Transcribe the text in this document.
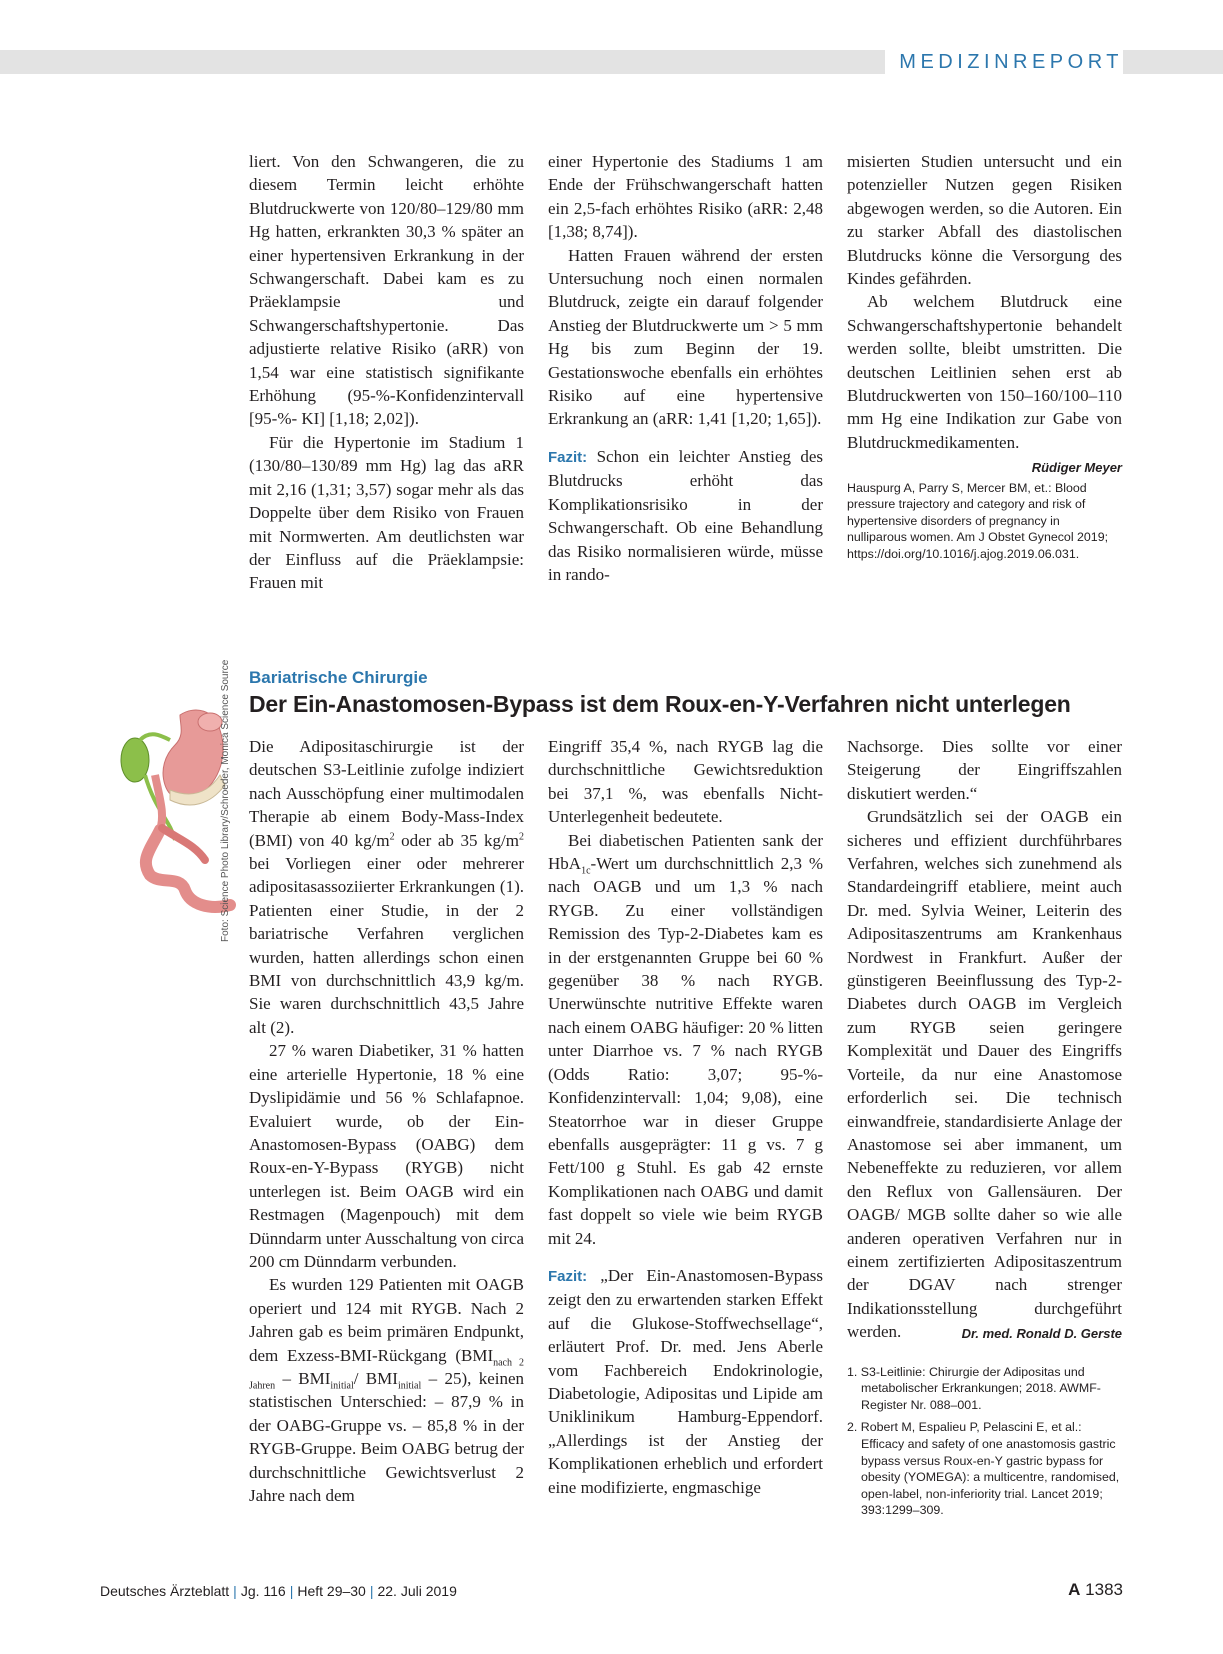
MEDIZINREPORT

liert. Von den Schwangeren, die zu diesem Termin leicht erhöhte Blutdruckwerte von 120/80–129/80 mm Hg hatten, erkrankten 30,3 % später an einer hypertensiven Erkrankung in der Schwangerschaft. Dabei kam es zu Präeklampsie und Schwangerschaftshypertonie. Das adjustierte relative Risiko (aRR) von 1,54 war eine statistisch signifikante Erhöhung (95-%-Konfidenzintervall [95-%- KI] [1,18; 2,02]).

Für die Hypertonie im Stadium 1 (130/80–130/89 mm Hg) lag das aRR mit 2,16 (1,31; 3,57) sogar mehr als das Doppelte über dem Risiko von Frauen mit Normwerten. Am deutlichsten war der Einfluss auf die Präeklampsie: Frauen mit

einer Hypertonie des Stadiums 1 am Ende der Frühschwangerschaft hatten ein 2,5-fach erhöhtes Risiko (aRR: 2,48 [1,38; 8,74]).

Hatten Frauen während der ersten Untersuchung noch einen normalen Blutdruck, zeigte ein darauf folgender Anstieg der Blutdruckwerte um > 5 mm Hg bis zum Beginn der 19. Gestationswoche ebenfalls ein erhöhtes Risiko auf eine hypertensive Erkrankung an (aRR: 1,41 [1,20; 1,65]).

Fazit: Schon ein leichter Anstieg des Blutdrucks erhöht das Komplikationsrisiko in der Schwangerschaft. Ob eine Behandlung das Risiko normalisieren würde, müsse in rando-

misierten Studien untersucht und ein potenzieller Nutzen gegen Risiken abgewogen werden, so die Autoren. Ein zu starker Abfall des diastolischen Blutdrucks könne die Versorgung des Kindes gefährden.

Ab welchem Blutdruck eine Schwangerschaftshypertonie behandelt werden sollte, bleibt umstritten. Die deutschen Leitlinien sehen erst ab Blutdruckwerten von 150–160/100–110 mm Hg eine Indikation zur Gabe von Blutdruckmedikamenten.
Rüdiger Meyer

Hauspurg A, Parry S, Mercer BM, et.: Blood pressure trajectory and category and risk of hypertensive disorders of pregnancy in nulliparous women. Am J Obstet Gynecol 2019; https://doi.org/10.1016/j.ajog.2019.06.031.

Bariatrische Chirurgie
Der Ein-Anastomosen-Bypass ist dem Roux-en-Y-Verfahren nicht unterlegen
Foto: Science Photo Library/Schroeder, Monica Science Source Die Adipositaschirurgie ist der deutschen S3-Leitlinie zufolge indiziert nach Ausschöpfung einer multimodalen Therapie ab einem Body-Mass-Index (BMI) von 40 $kg/m^2$ oder ab 35 $kg/m^2$ bei Vorliegen einer oder mehrerer adipositasassoziierter Erkrankungen (1). Patienten einer Studie, in der 2 bariatrische Verfahren verglichen wurden, hatten allerdings schon einen BMI von durchschnittlich 43,9 kg/m. Sie waren durchschnittlich 43,5 Jahre alt (2).

27 % waren Diabetiker, 31 % hatten eine arterielle Hypertonie, 18 % eine Dyslipidämie und 56 % Schlafapnoe. Evaluiert wurde, ob der Ein-Anastomosen-Bypass (OABG) dem Roux-en-Y-Bypass (RYGB) nicht unterlegen ist. Beim OAGB wird ein Restmagen (Magenpouch) mit dem Dünndarm unter Ausschaltung von circa 200 cm Dünndarm verbunden.

Es wurden 129 Patienten mit OAGB operiert und 124 mit RYGB. Nach 2 Jahren gab es beim primären Endpunkt, dem Exzess-BMI-Rückgang ($BMI_{nach 2 Jahren} - BMI_{initial}/$ $BMI_{initial} - 25$), keinen statistischen Unterschied: – 87,9 % in der OABG-Gruppe vs. – 85,8 % in der RYGB-Gruppe. Beim OABG betrug der durchschnittliche Gewichtsverlust 2 Jahre nach dem

Eingriff 35,4 %, nach RYGB lag die durchschnittliche Gewichtsreduktion bei 37,1 %, was ebenfalls Nicht-Unterlegenheit bedeutete.

Bei diabetischen Patienten sank der HbA$_{1c}$-Wert um durchschnittlich 2,3 % nach OAGB und um 1,3 % nach RYGB. Zu einer vollständigen Remission des Typ-2-Diabetes kam es in der erstgenannten Gruppe bei 60 % gegenüber 38 % nach RYGB. Unerwünschte nutritive Effekte waren nach einem OABG häufiger: 20 % litten unter Diarrhoe vs. 7 % nach RYGB (Odds Ratio: 3,07; 95-%-Konfidenzintervall: 1,04; 9,08), eine Steatorrhoe war in dieser Gruppe ebenfalls ausgeprägter: 11 g vs. 7 g Fett/100 g Stuhl. Es gab 42 ernste Komplikationen nach OABG und damit fast doppelt so viele wie beim RYGB mit 24.

Fazit: „Der Ein-Anastomosen-Bypass zeigt den zu erwartenden starken Effekt auf die Glukose-Stoffwechsellage“, erläutert Prof. Dr. med. Jens Aberle vom Fachbereich Endokrinologie, Diabetologie, Adipositas und Lipide am Uniklinikum Hamburg-Eppendorf. „Allerdings ist der Anstieg der Komplikationen erheblich und erfordert eine modifizierte, engmaschige

Nachsorge. Dies sollte vor einer Steigerung der Eingriffszahlen diskutiert werden.“

Grundsätzlich sei der OAGB ein sicheres und effizient durchführbares Verfahren, welches sich zunehmend als Standardeingriff etabliere, meint auch Dr. med. Sylvia Weiner, Leiterin des Adipositaszentrums am Krankenhaus Nordwest in Frankfurt. Außer der günstigeren Beeinflussung des Typ-2-Diabetes durch OAGB im Vergleich zum RYGB seien geringere Komplexität und Dauer des Eingriffs Vorteile, da nur eine Anastomose erforderlich sei. Die technisch einwandfreie, standardisierte Anlage der Anastomose sei aber immanent, um Nebeneffekte zu reduzieren, vor allem den Reflux von Gallensäuren. Der OAGB/ MGB sollte daher so wie alle anderen operativen Verfahren nur in einem zertifizierten Adipositaszentrum der DGAV nach strenger Indikationsstellung durchgeführt werden.	Dr. med. Ronald D. Gerste

1. S3-Leitlinie: Chirurgie der Adipositas und metabolischer Erkrankungen; 2018. AWMF-Register Nr. 088–001.
2. Robert M, Espalieu P, Pelascini E, et al.: Efficacy and safety of one anastomosis gastric bypass versus Roux-en-Y gastric bypass for obesity (YOMEGA): a multicentre, randomised, open-label, non-inferiority trial. Lancet 2019; 393:1299–309.
Deutsches Ärzteblatt | Jg. 116 | Heft 29–30 | 22. Juli 2019	A 1383
